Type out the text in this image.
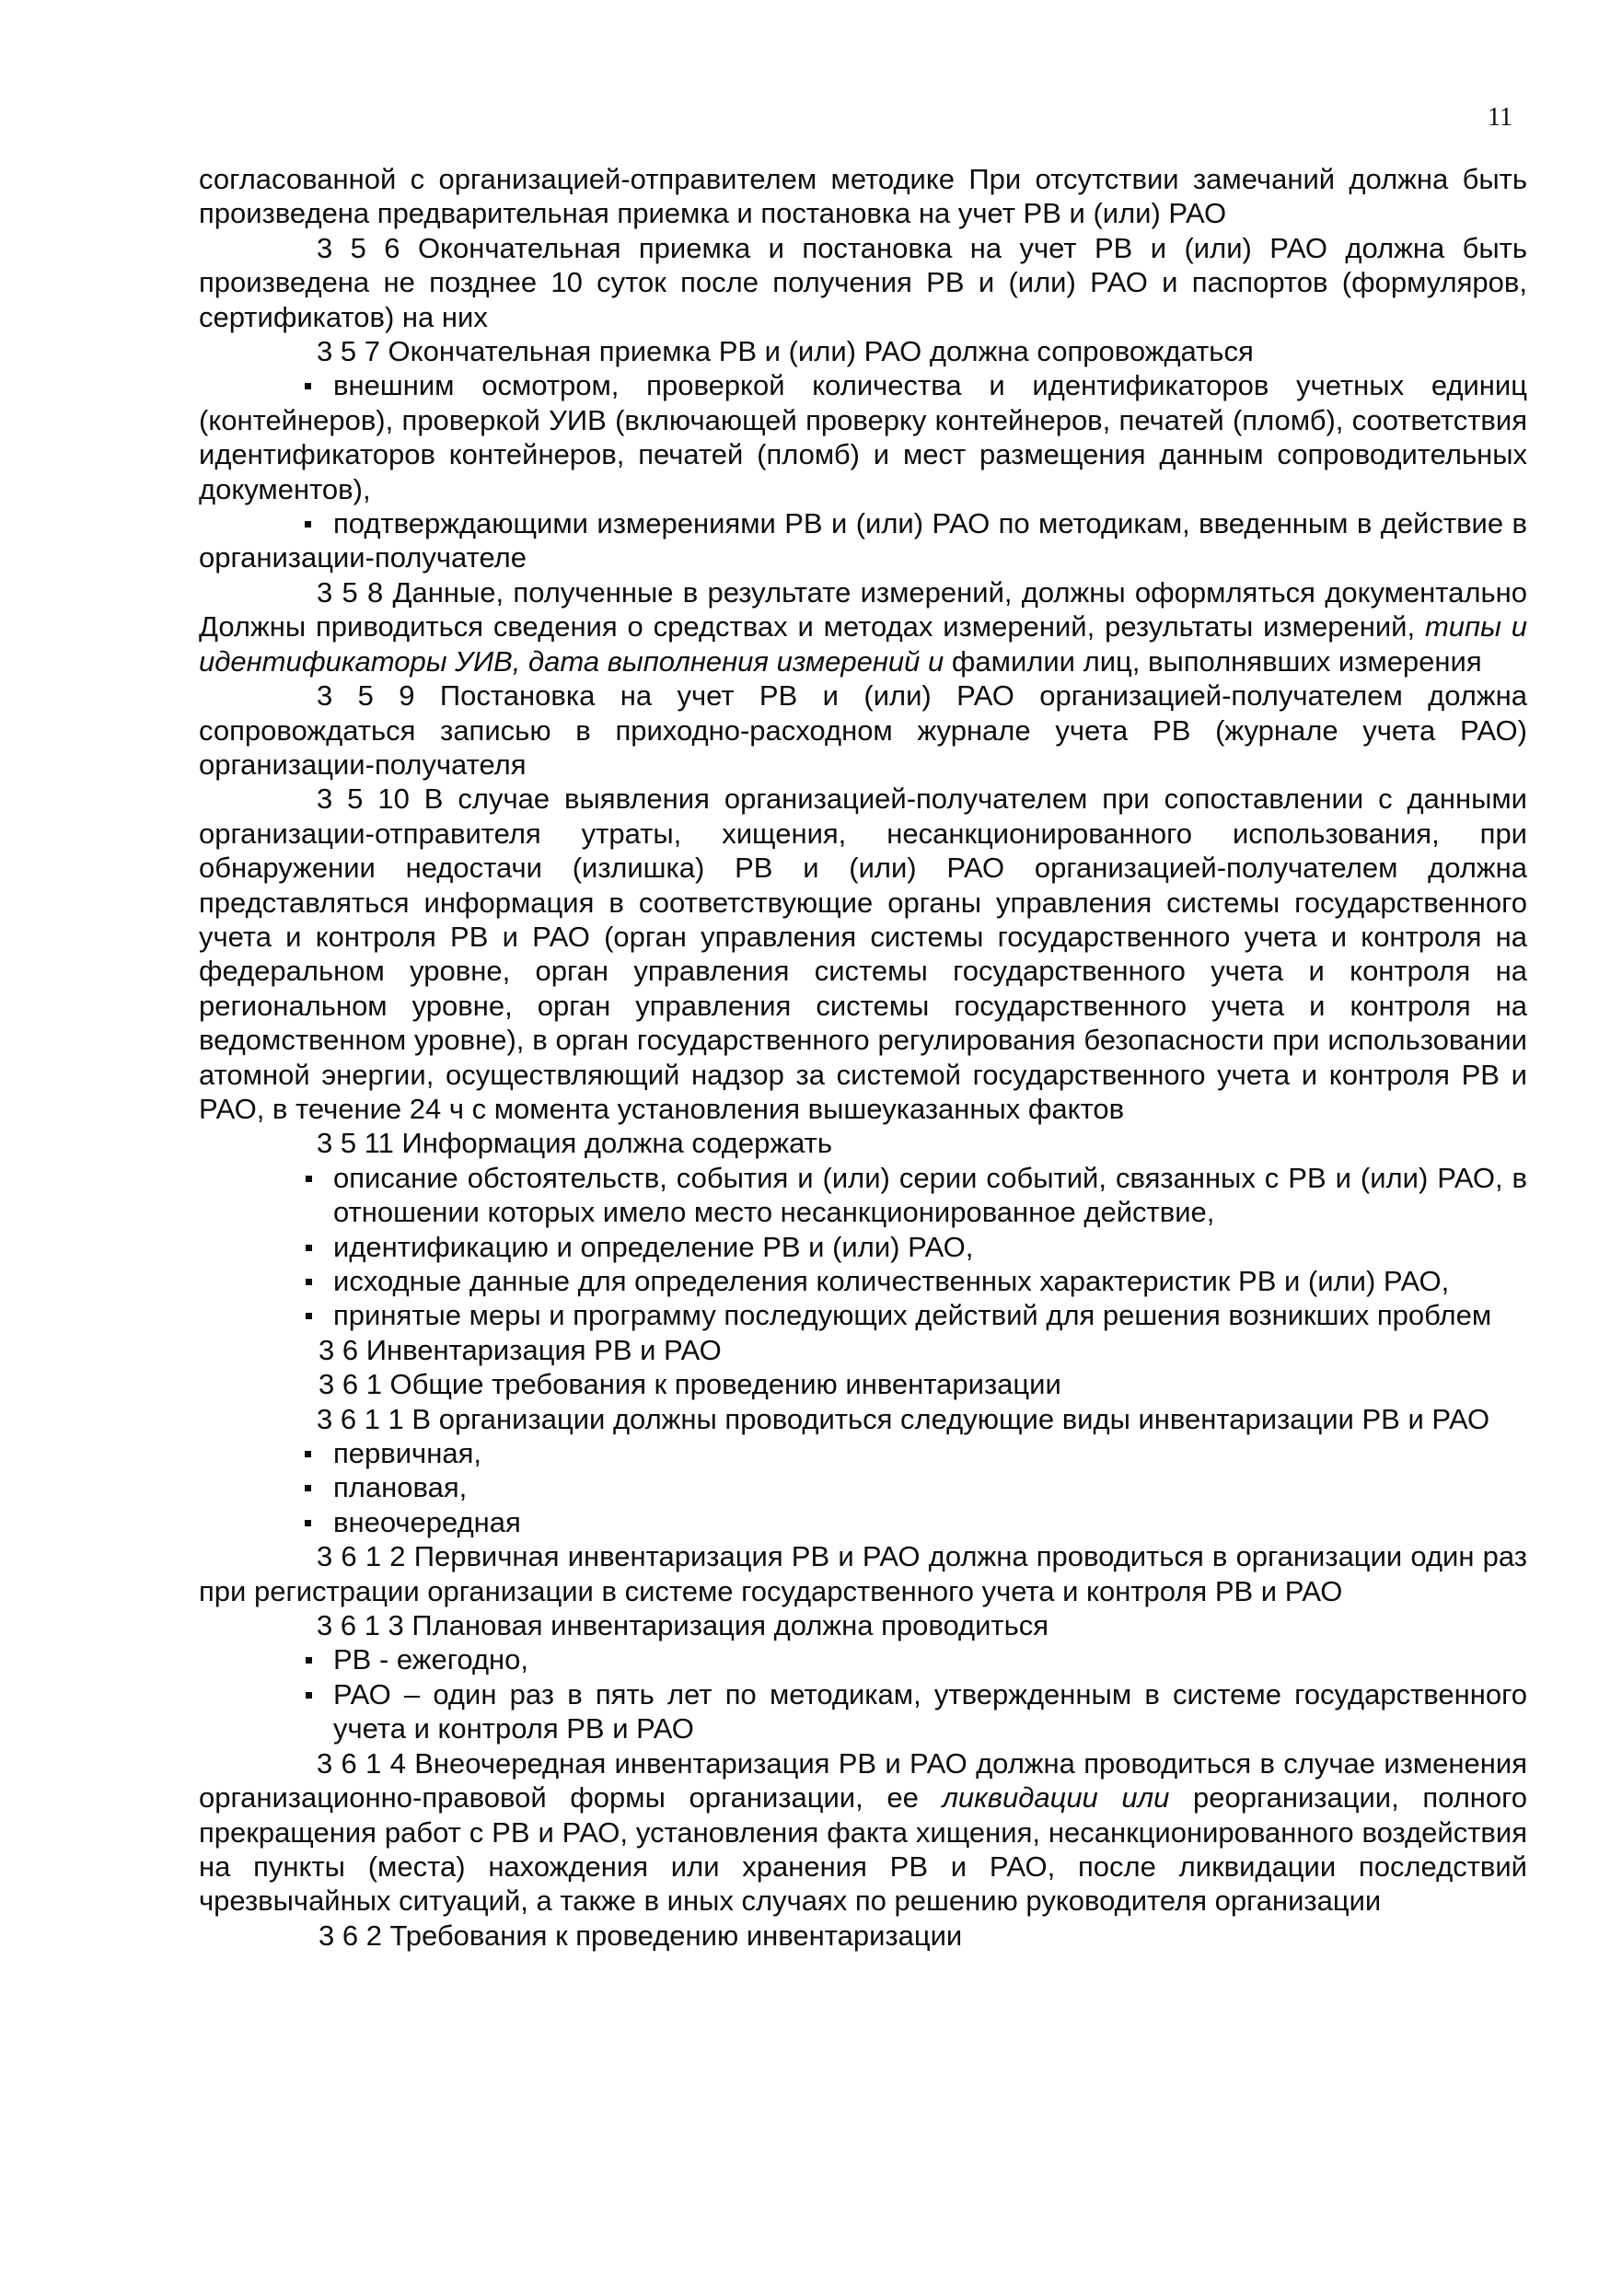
11

согласованной с организацией-отправителем методике При отсутствии замечаний должна быть произведена предварительная приемка и постановка на учет РВ и (или) РАО

3 5 6 Окончательная приемка и постановка на учет РВ и (или) РАО должна быть произведена не позднее 10 суток после получения РВ и (или) РАО и паспортов (формуляров, сертификатов) на них

3 5 7 Окончательная приемка РВ и (или) РАО должна сопровождаться

внешним осмотром, проверкой количества и идентификаторов учетных единиц (контейнеров), проверкой УИВ (включающей проверку контейнеров, печатей (пломб), соответствия идентификаторов контейнеров, печатей (пломб) и мест размещения данным сопроводительных документов),
подтверждающими измерениями РВ и (или) РАО по методикам, введенным в действие в организации-получателе

3 5 8 Данные, полученные в результате измерений, должны оформляться документально Должны приводиться сведения о средствах и методах измерений, результаты измерений, типы и идентификаторы УИВ, дата выполнения измерений и фамилии лиц, выполнявших измерения

3 5 9 Постановка на учет РВ и (или) РАО организацией-получателем должна сопровождаться записью в приходно-расходном журнале учета РВ (журнале учета РАО) организации-получателя

3 5 10 В случае выявления организацией-получателем при сопоставлении с данными организации-отправителя утраты, хищения, несанкционированного использования, при обнаружении недостачи (излишка) РВ и (или) РАО организацией-получателем должна представляться информация в соответствующие органы управления системы государственного учета и контроля РВ и РАО (орган управления системы государственного учета и контроля на федеральном уровне, орган управления системы государственного учета и контроля на региональном уровне, орган управления системы государственного учета и контроля на ведомственном уровне), в орган государственного регулирования безопасности при использовании атомной энергии, осуществляющий надзор за системой государственного учета и контроля РВ и РАО, в течение 24 ч с момента установления вышеуказанных фактов

3 5 11 Информация должна содержать

описание обстоятельств, события и (или) серии событий, связанных с РВ и (или) РАО, в отношении которых имело место несанкционированное действие,
идентификацию и определение РВ и (или) РАО,
исходные данные для определения количественных характеристик РВ и (или) РАО,
принятые меры и программу последующих действий для решения возникших проблем

3 6 Инвентаризация РВ и РАО

3 6 1 Общие требования к проведению инвентаризации

3 6 1 1 В организации должны проводиться следующие виды инвентаризации РВ и РАО

первичная,
плановая,
внеочередная

3 6 1 2 Первичная инвентаризация РВ и РАО должна проводиться в организации один раз при регистрации организации в системе государственного учета и контроля РВ и РАО

3 6 1 3 Плановая инвентаризация должна проводиться

РВ - ежегодно,
РАО – один раз в пять лет по методикам, утвержденным в системе государственного учета и контроля РВ и РАО

3 6 1 4 Внеочередная инвентаризация РВ и РАО должна проводиться в случае изменения организационно-правовой формы организации, ее ликвидации или реорганизации, полного прекращения работ с РВ и РАО, установления факта хищения, несанкционированного воздействия на пункты (места) нахождения или хранения РВ и РАО, после ликвидации последствий чрезвычайных ситуаций, а также в иных случаях по решению руководителя организации

3 6 2 Требования к проведению инвентаризации
